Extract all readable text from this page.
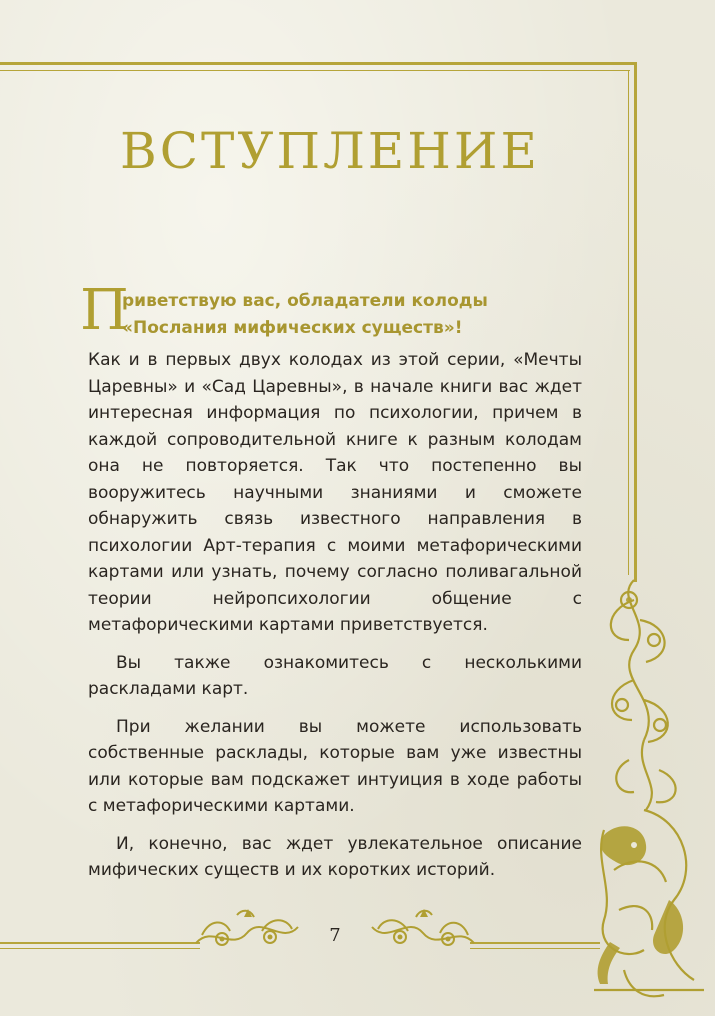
ВСТУПЛЕНИЕ
П
риветствую вас, обладатели колоды «Послания мифических существ»!

Как и в первых двух колодах из этой серии, «Мечты Царевны» и «Сад Царевны», в начале книги вас ждет интересная информация по психологии, причем в каждой сопроводительной книге к разным колодам она не повторяется. Так что постепенно вы вооружитесь научными знаниями и сможете обнаружить связь известного направления в психологии Арт-терапия с моими метафорическими картами или узнать, почему согласно поливагальной теории нейропсихологии общение с метафорическими картами приветствуется.

Вы также ознакомитесь с несколькими раскладами карт.

При желании вы можете использовать собственные расклады, которые вам уже известны или которые вам подскажет интуиция в ходе работы с метафорическими картами.

И, конечно, вас ждет увлекательное описание мифических существ и их коротких историй.

7
